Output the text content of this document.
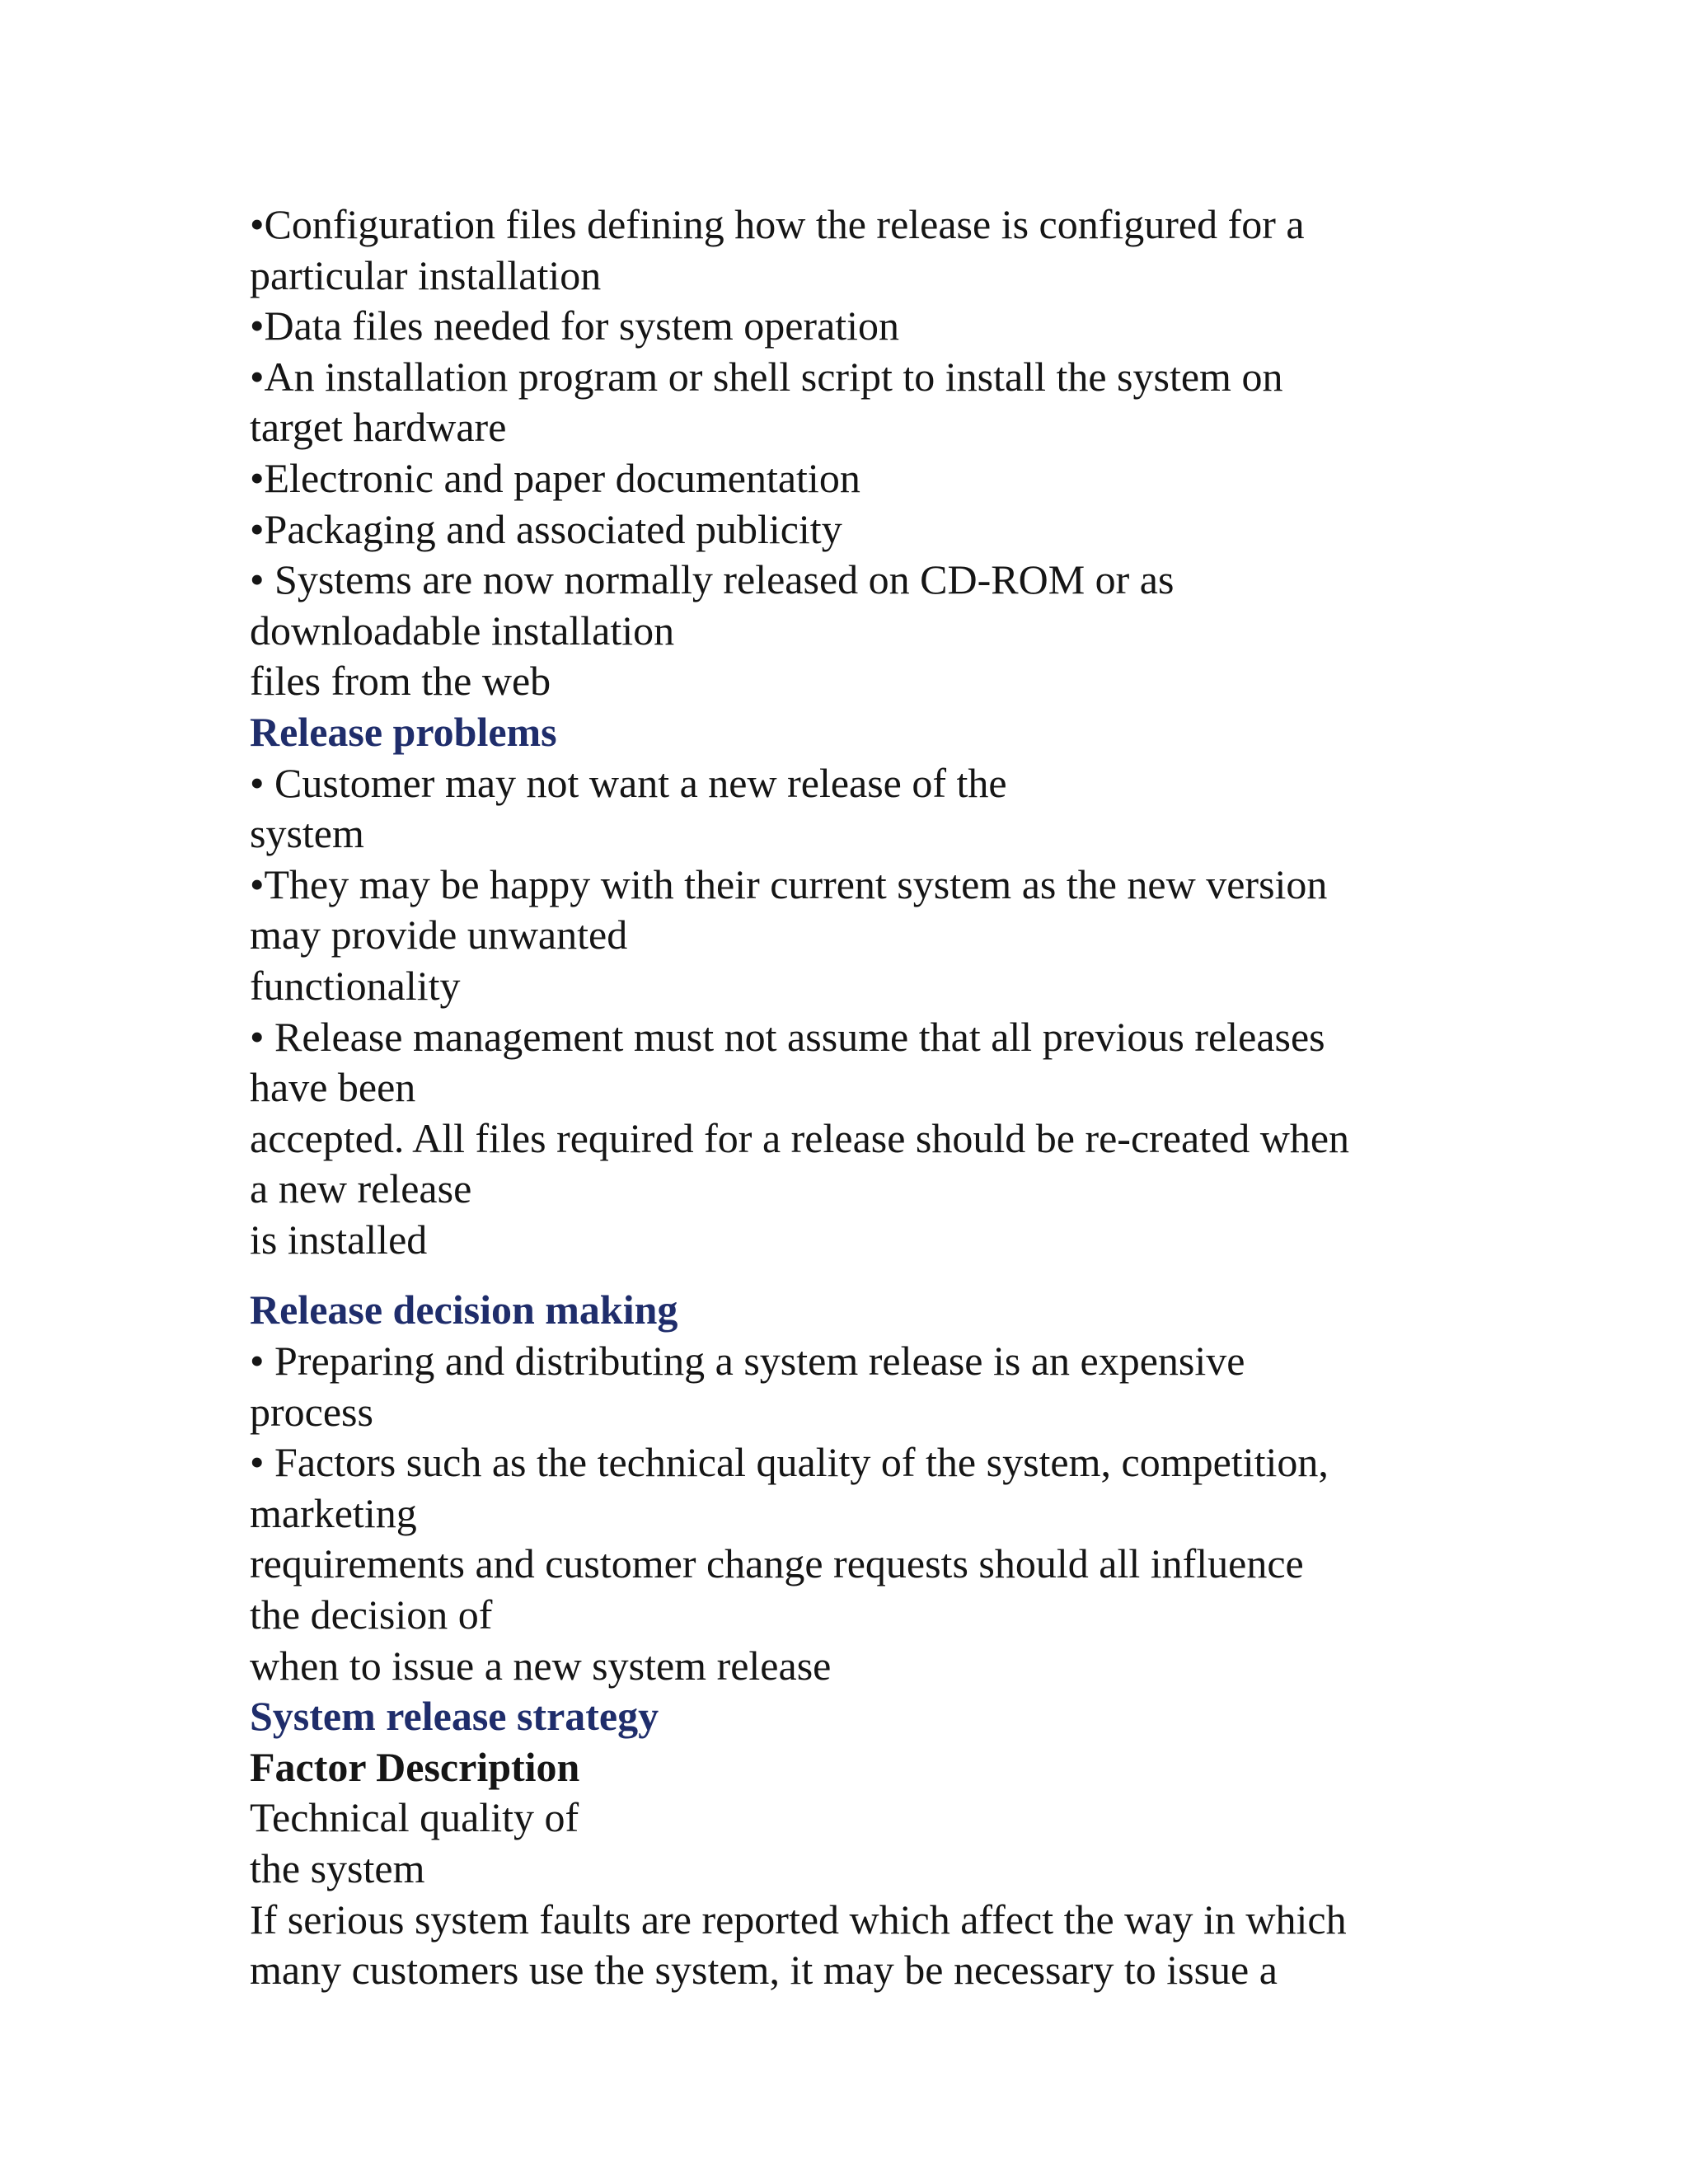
•Configuration files defining how the release is configured for a
particular installation
•Data files needed for system operation
•An installation program or shell script to install the system on
target hardware
•Electronic and paper documentation
•Packaging and associated publicity
• Systems are now normally released on CD-ROM or as
downloadable installation
files from the web
Release problems
• Customer may not want a new release of the
system
•They may be happy with their current system as the new version
may provide unwanted
functionality
• Release management must not assume that all previous releases
have been
accepted. All files required for a release should be re-created when
a new release
is installed
Release decision making
• Preparing and distributing a system release is an expensive
process
• Factors such as the technical quality of the system, competition,
marketing
requirements and customer change requests should all influence
the decision of
when to issue a new system release
System release strategy
Factor Description
Technical quality of
the system
If serious system faults are reported which affect the way in which
many customers use the system, it may be necessary to issue a
